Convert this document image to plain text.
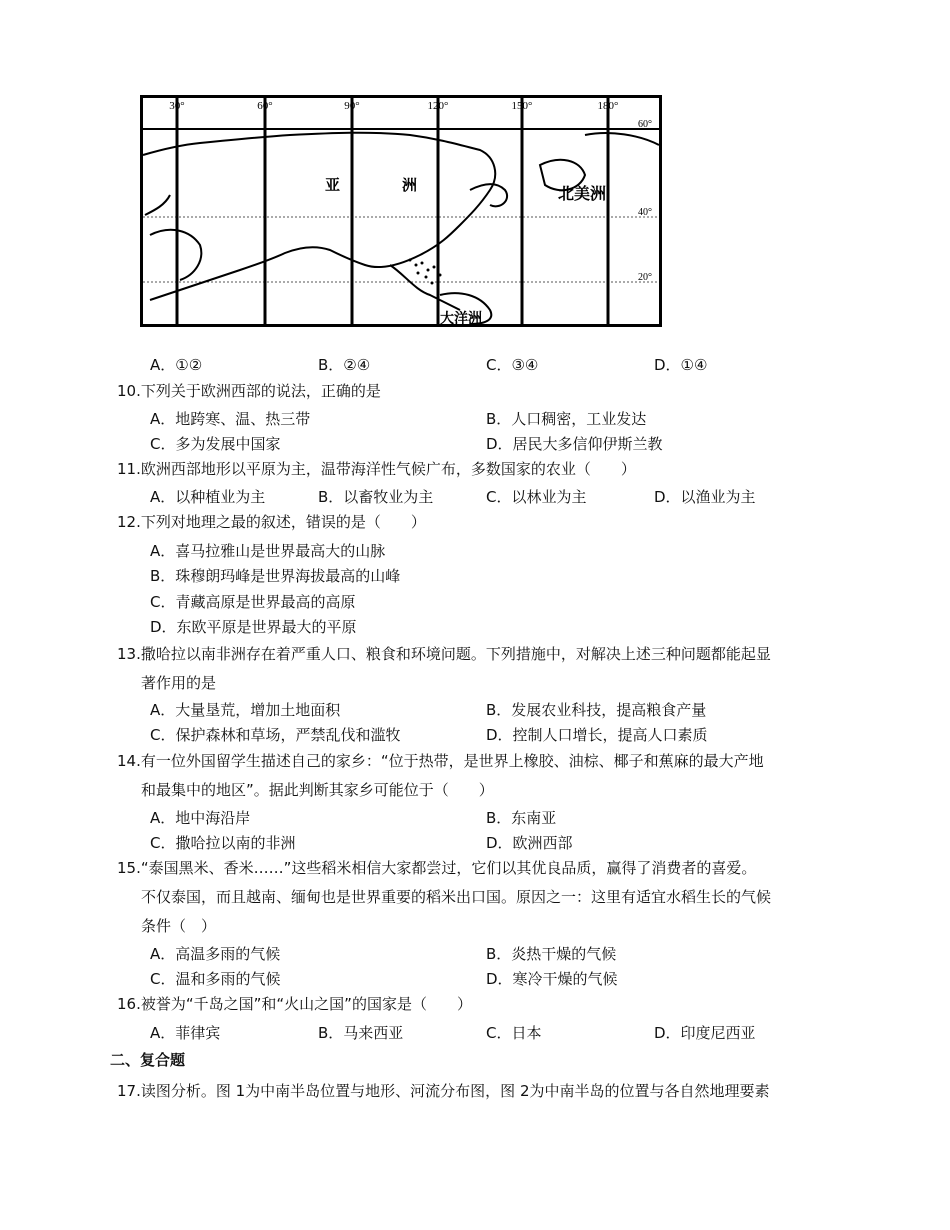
30°	60°	90°	120°	150°	180°
60°
40°
20°
亚	洲	北美洲
大洋洲
A．①②	B．②④	C．③④	D．①④
10.下列关于欧洲西部的说法，正确的是
A．地跨寒、温、热三带	B．人口稠密，工业发达
C．多为发展中国家	D．居民大多信仰伊斯兰教
11.欧洲西部地形以平原为主，温带海洋性气候广布，多数国家的农业（　　）
A．以种植业为主	B．以畜牧业为主	C．以林业为主	D．以渔业为主
12.下列对地理之最的叙述，错误的是（　　）
A．喜马拉雅山是世界最高大的山脉
B．珠穆朗玛峰是世界海拔最高的山峰
C．青藏高原是世界最高的高原
D．东欧平原是世界最大的平原
13.撒哈拉以南非洲存在着严重人口、粮食和环境问题。下列措施中，对解决上述三种问题都能起显
著作用的是
A．大量垦荒，增加土地面积	B．发展农业科技，提高粮食产量
C．保护森林和草场，严禁乱伐和滥牧	D．控制人口增长，提高人口素质
14.有一位外国留学生描述自己的家乡：“位于热带，是世界上橡胶、油棕、椰子和蕉麻的最大产地
和最集中的地区”。据此判断其家乡可能位于（　　）
A．地中海沿岸	B．东南亚
C．撒哈拉以南的非洲	D．欧洲西部
15.“泰国黑米、香米……”这些稻米相信大家都尝过，它们以其优良品质，赢得了消费者的喜爱。
不仅泰国，而且越南、缅甸也是世界重要的稻米出口国。原因之一：这里有适宜水稻生长的气候
条件（　）
A．高温多雨的气候	B．炎热干燥的气候
C．温和多雨的气候	D．寒冷干燥的气候
16.被誉为“千岛之国”和“火山之国”的国家是（　　）
A．菲律宾	B．马来西亚	C．日本	D．印度尼西亚
二、复合题
17.读图分析。图 1为中南半岛位置与地形、河流分布图，图 2为中南半岛的位置与各自然地理要素
